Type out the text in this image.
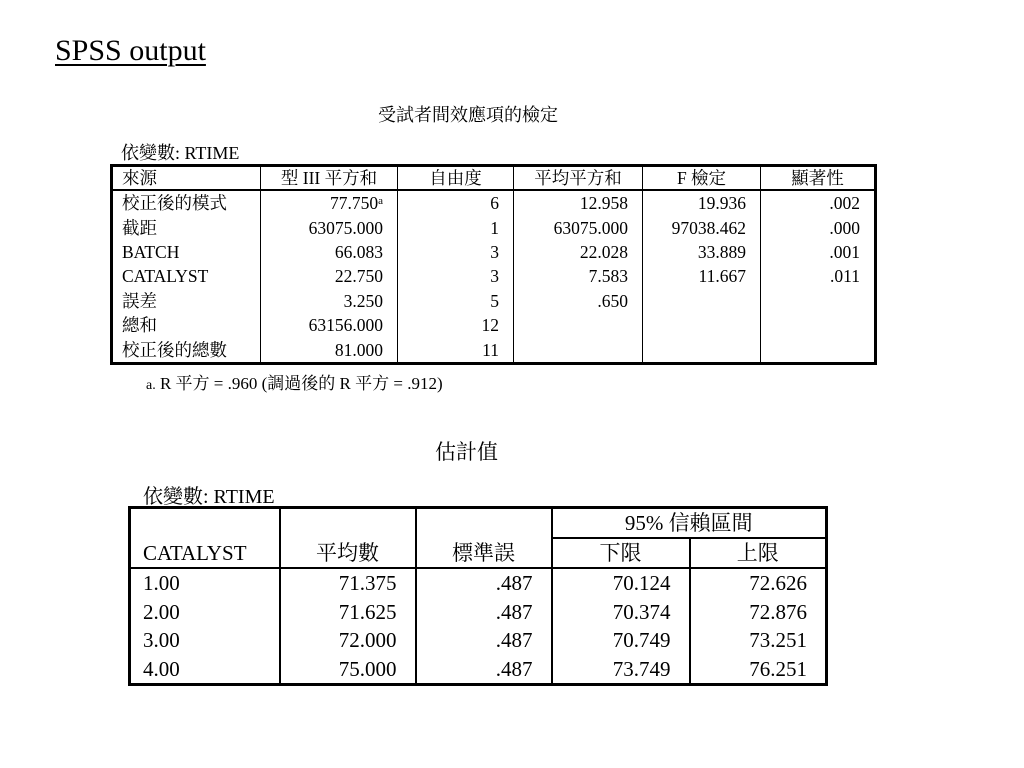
SPSS output
受試者間效應項的檢定
依變數: RTIME
來源	型 III 平方和	自由度	平均平方和	F 檢定	顯著性
校正後的模式	77.750$^a$	6	12.958	19.936	.002
截距	63075.000	1	63075.000	97038.462	.000
BATCH	66.083	3	22.028	33.889	.001
CATALYST	22.750	3	7.583	11.667	.011
誤差	3.250	5	.650		
總和	63156.000	12			
校正後的總數	81.000	11			
a. R 平方 = .960 (調過後的 R 平方 = .912)
估計值
依變數: RTIME
CATALYST	平均數	標準誤	95% 信賴區間	
			下限	上限
1.00	71.375	.487	70.124	72.626
2.00	71.625	.487	70.374	72.876
3.00	72.000	.487	70.749	73.251
4.00	75.000	.487	73.749	76.251
